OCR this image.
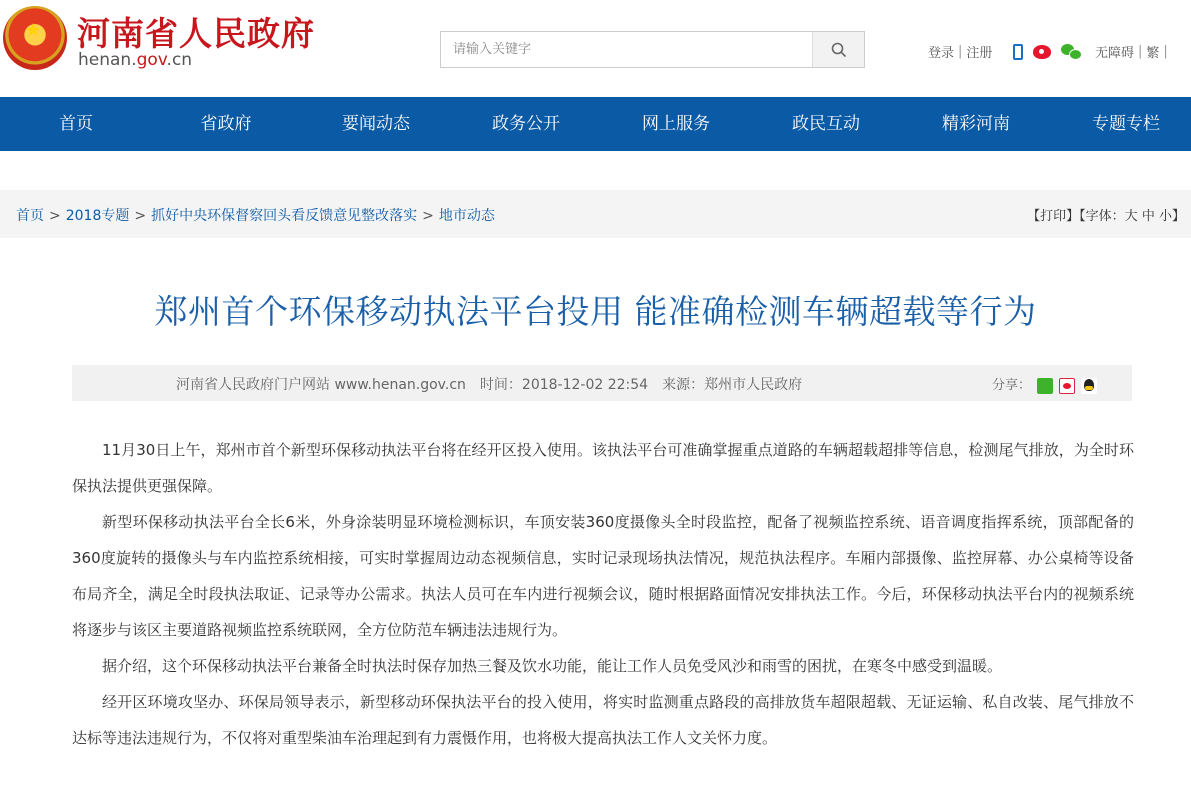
★ 河南省人民政府
henan.gov.cn
请输入关键字	登录 | 注册	无障碍 | 繁 |
首页	省政府	要闻动态	政务公开	网上服务	政民互动	精彩河南	专题专栏
首页 > 2018专题 > 抓好中央环保督察回头看反馈意见整改落实 > 地市动态	【打印】【字体：大 中 小】
郑州首个环保移动执法平台投用 能准确检测车辆超载等行为
河南省人民政府门户网站 www.henan.gov.cn 时间：2018-12-02 22:54 来源：郑州市人民政府	分享：

11月30日上午，郑州市首个新型环保移动执法平台将在经开区投入使用。该执法平台可准确掌握重点道路的车辆超载超排等信息，检测尾气排放，为全时环保执法提供更强保障。

新型环保移动执法平台全长6米，外身涂装明显环境检测标识，车顶安装360度摄像头全时段监控，配备了视频监控系统、语音调度指挥系统，顶部配备的360度旋转的摄像头与车内监控系统相接，可实时掌握周边动态视频信息，实时记录现场执法情况，规范执法程序。车厢内部摄像、监控屏幕、办公桌椅等设备布局齐全，满足全时段执法取证、记录等办公需求。执法人员可在车内进行视频会议，随时根据路面情况安排执法工作。今后，环保移动执法平台内的视频系统将逐步与该区主要道路视频监控系统联网，全方位防范车辆违法违规行为。

据介绍，这个环保移动执法平台兼备全时执法时保存加热三餐及饮水功能，能让工作人员免受风沙和雨雪的困扰，在寒冬中感受到温暖。

经开区环境攻坚办、环保局领导表示，新型移动环保执法平台的投入使用，将实时监测重点路段的高排放货车超限超载、无证运输、私自改装、尾气排放不达标等违法违规行为，不仅将对重型柴油车治理起到有力震慑作用，也将极大提高执法工作人文关怀力度。
